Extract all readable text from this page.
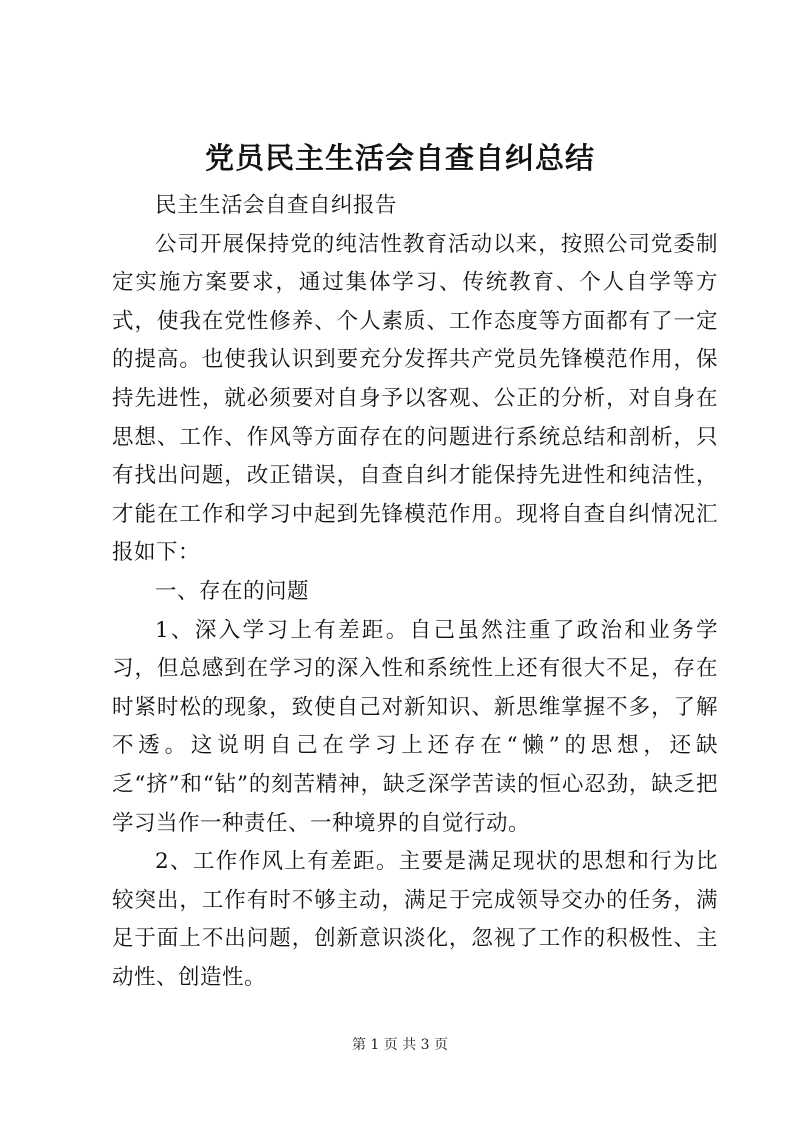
党员民主生活会自查自纠总结

民主生活会自查自纠报告

公司开展保持党的纯洁性教育活动以来，按照公司党委制定实施方案要求，通过集体学习、传统教育、个人自学等方式，使我在党性修养、个人素质、工作态度等方面都有了一定的提高。也使我认识到要充分发挥共产党员先锋模范作用，保持先进性，就必须要对自身予以客观、公正的分析，对自身在思想、工作、作风等方面存在的问题进行系统总结和剖析，只有找出问题，改正错误，自查自纠才能保持先进性和纯洁性，才能在工作和学习中起到先锋模范作用。现将自查自纠情况汇报如下：

一、存在的问题

1、深入学习上有差距。自己虽然注重了政治和业务学习，但总感到在学习的深入性和系统性上还有很大不足，存在时紧时松的现象，致使自己对新知识、新思维掌握不多，了解不透。这说明自己在学习上还存在“懒”的思想，还缺乏“挤”和“钻”的刻苦精神，缺乏深学苦读的恒心忍劲，缺乏把学习当作一种责任、一种境界的自觉行动。

2、工作作风上有差距。主要是满足现状的思想和行为比较突出，工作有时不够主动，满足于完成领导交办的任务，满足于面上不出问题，创新意识淡化，忽视了工作的积极性、主动性、创造性。

第 1 页 共 3 页
